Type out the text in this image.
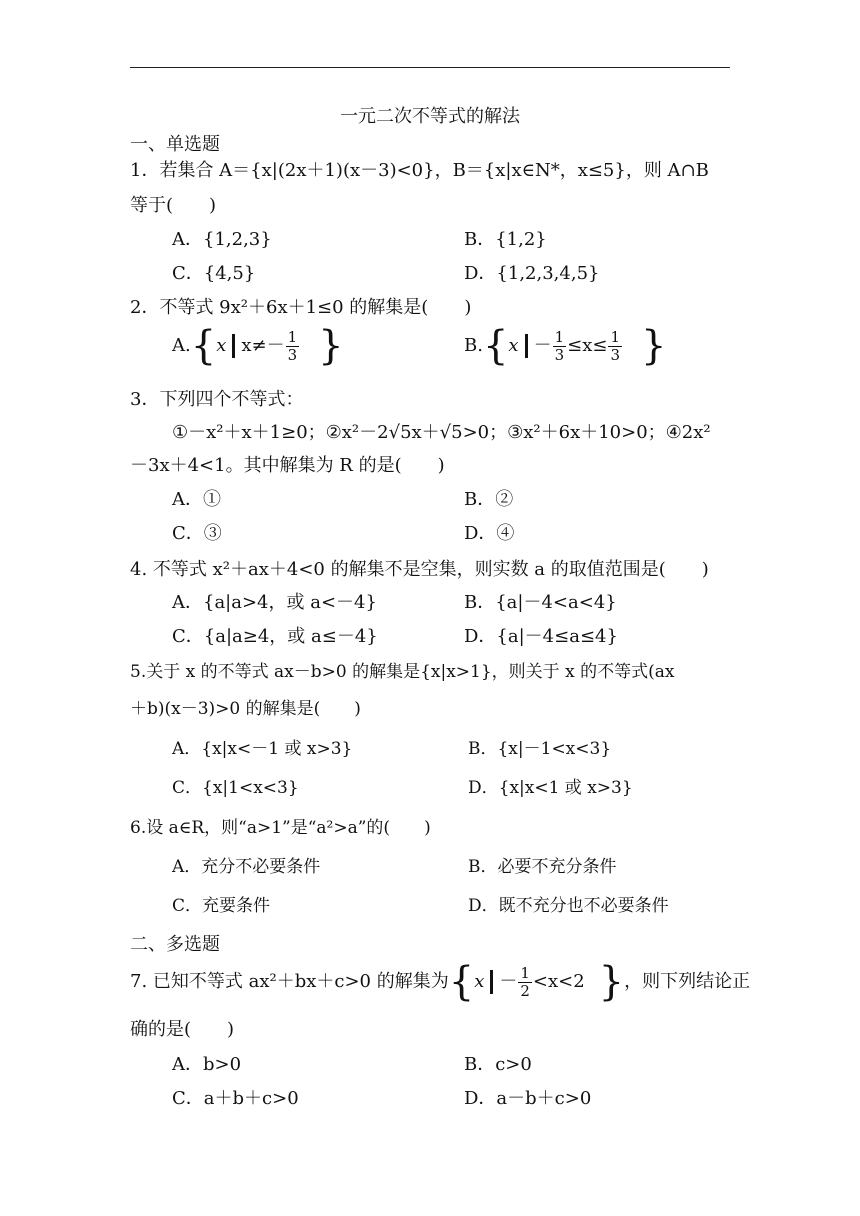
一元二次不等式的解法
一、单选题
1．若集合 A＝{x|(2x＋1)(x－3)<0}，B＝{x|x∈N*，x≤5}，则 A∩B
等于(　　)
A．{1,2,3}	B．{1,2}
C．{4,5}	D．{1,2,3,4,5}
2．不等式 9x²＋6x＋1≤0 的解集是(　　)
A.{x $x\ne- \frac{1}{3}$ }	$B.\{x - \frac{1}{3} \le x\le \frac{1}{3}$ }
3．下列四个不等式：
①－x²＋x＋1≥0；②x²－2√5x＋√5>0；③x²＋6x＋10>0；④2x²
－3x＋4<1。其中解集为 R 的是(　　)
A．①	B．②
C．③	D．④
4. 不等式 x²＋ax＋4<0 的解集不是空集，则实数 a 的取值范围是(　　)
A．{a|a>4，或 a<－4}	B．{a|－4<a<4}
C．{a|a≥4，或 a≤－4}	D．{a|－4≤a≤4}
5.关于 x 的不等式 ax－b>0 的解集是{x|x>1}，则关于 x 的不等式(ax
＋b)(x－3)>0 的解集是(　　)
A．{x|x<－1 或 x>3}	B．{x|－1<x<3}
C．{x|1<x<3}	D．{x|x<1 或 x>3}
6.设 a∈R，则“a>1”是“a²>a”的(　　)
A．充分不必要条件	B．必要不充分条件
C．充要条件	D．既不充分也不必要条件
二、多选题
7. 已知不等式 ax²＋bx＋c>0 的解集为{$x - \frac{1}{2} <x<2$ }，则下列结论正
确的是(　　)
A．b>0	B．c>0
C．a＋b＋c>0	D．a－b＋c>0
